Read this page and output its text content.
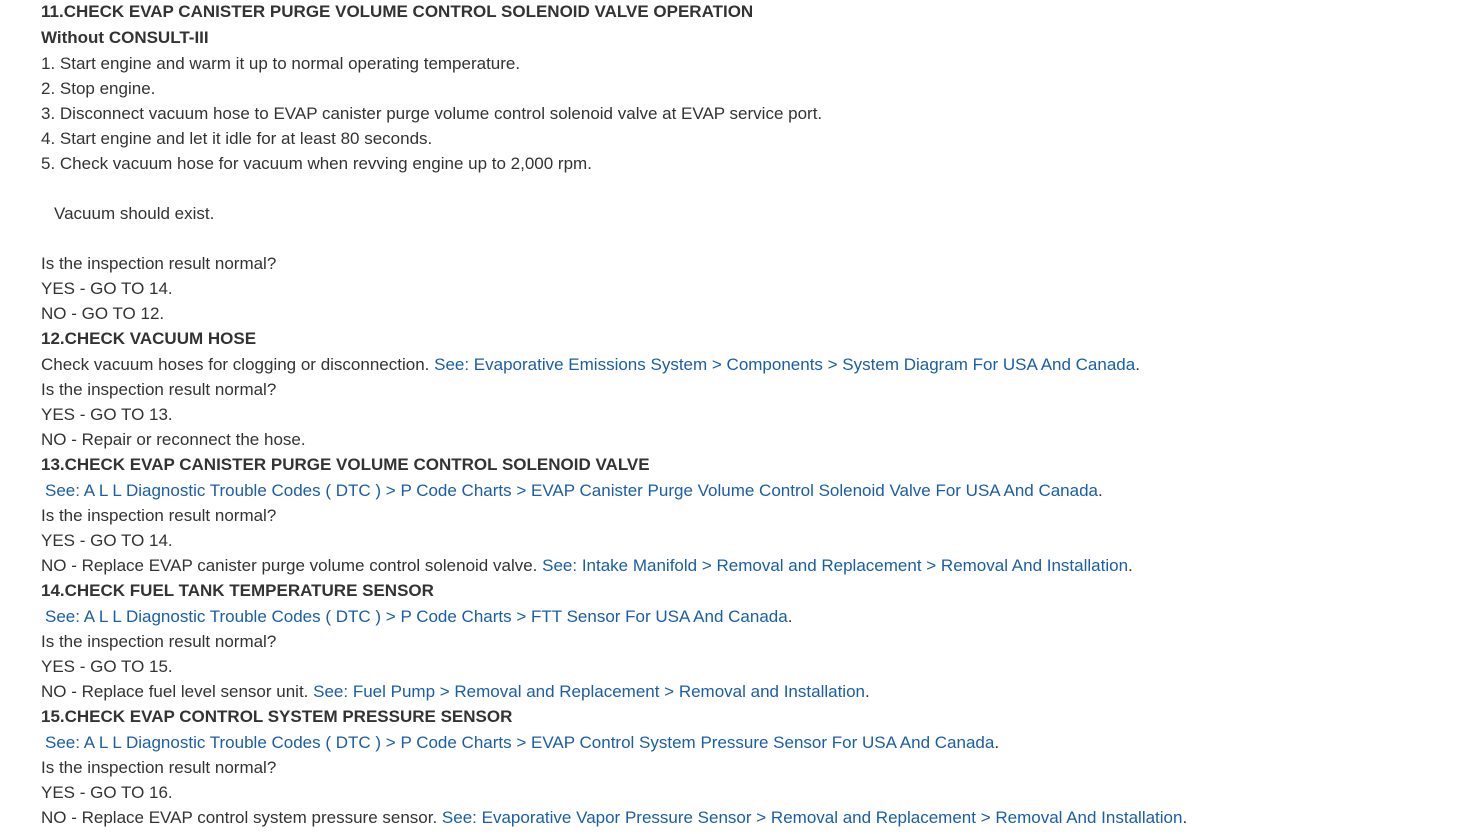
11.CHECK EVAP CANISTER PURGE VOLUME CONTROL SOLENOID VALVE OPERATION
Without CONSULT-III
1. Start engine and warm it up to normal operating temperature.
2. Stop engine.
3. Disconnect vacuum hose to EVAP canister purge volume control solenoid valve at EVAP service port.
4. Start engine and let it idle for at least 80 seconds.
5. Check vacuum hose for vacuum when revving engine up to 2,000 rpm.
Vacuum should exist.
Is the inspection result normal?
YES - GO TO 14.
NO - GO TO 12.
12.CHECK VACUUM HOSE
Check vacuum hoses for clogging or disconnection. See: Evaporative Emissions System > Components > System Diagram For USA And Canada.
Is the inspection result normal?
YES - GO TO 13.
NO - Repair or reconnect the hose.
13.CHECK EVAP CANISTER PURGE VOLUME CONTROL SOLENOID VALVE
See: A L L Diagnostic Trouble Codes ( DTC ) > P Code Charts > EVAP Canister Purge Volume Control Solenoid Valve For USA And Canada.
Is the inspection result normal?
YES - GO TO 14.
NO - Replace EVAP canister purge volume control solenoid valve. See: Intake Manifold > Removal and Replacement > Removal And Installation.
14.CHECK FUEL TANK TEMPERATURE SENSOR
See: A L L Diagnostic Trouble Codes ( DTC ) > P Code Charts > FTT Sensor For USA And Canada.
Is the inspection result normal?
YES - GO TO 15.
NO - Replace fuel level sensor unit. See: Fuel Pump > Removal and Replacement > Removal and Installation.
15.CHECK EVAP CONTROL SYSTEM PRESSURE SENSOR
See: A L L Diagnostic Trouble Codes ( DTC ) > P Code Charts > EVAP Control System Pressure Sensor For USA And Canada.
Is the inspection result normal?
YES - GO TO 16.
NO - Replace EVAP control system pressure sensor. See: Evaporative Vapor Pressure Sensor > Removal and Replacement > Removal And Installation.
